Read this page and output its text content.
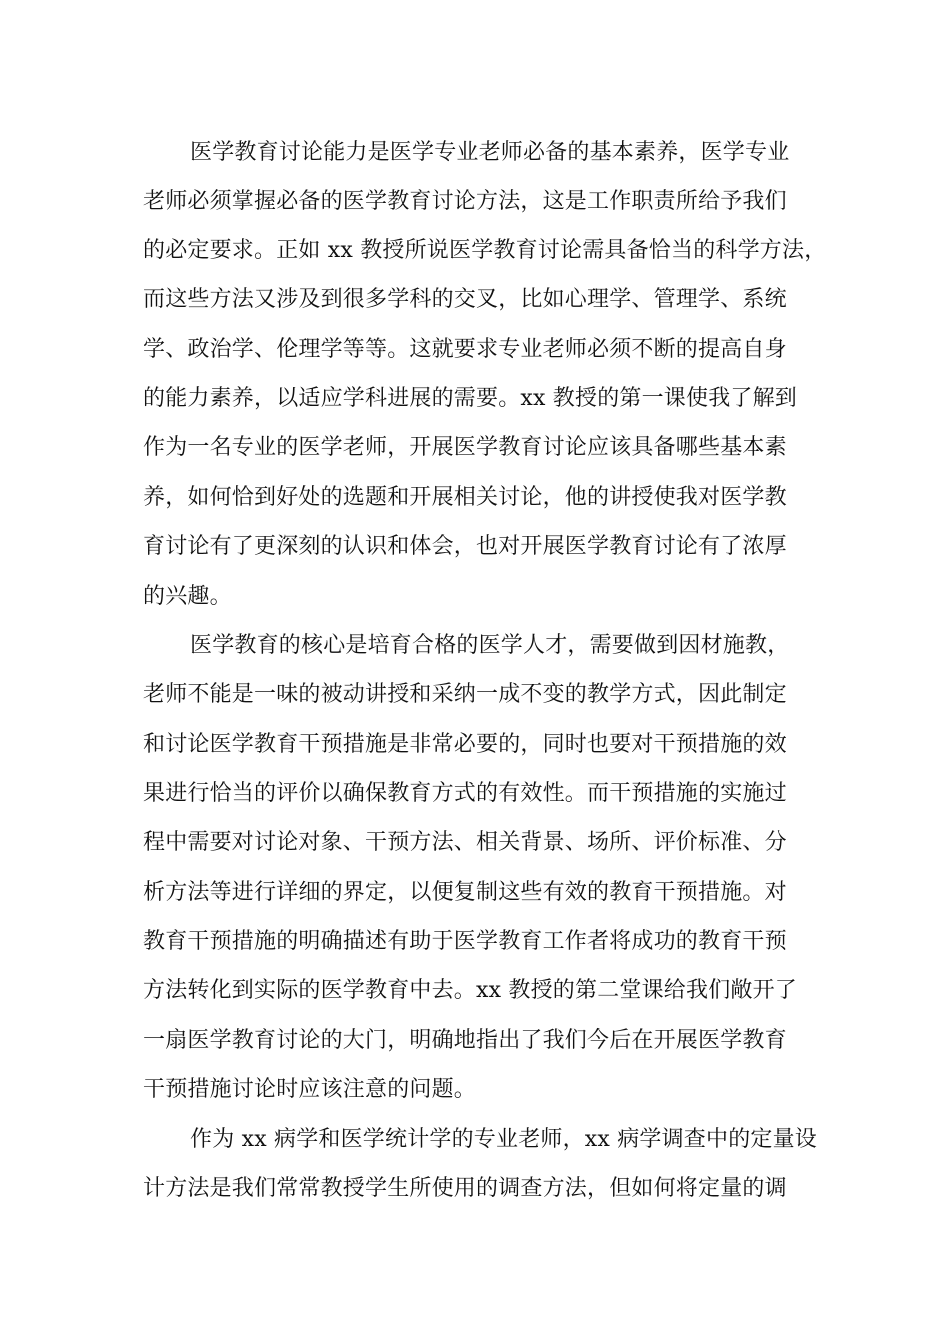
医学教育讨论能力是医学专业老师必备的基本素养，医学专业
老师必须掌握必备的医学教育讨论方法，这是工作职责所给予我们
的必定要求。正如 xx 教授所说医学教育讨论需具备恰当的科学方法，
而这些方法又涉及到很多学科的交叉，比如心理学、管理学、系统
学、政治学、伦理学等等。这就要求专业老师必须不断的提高自身
的能力素养，以适应学科进展的需要。xx 教授的第一课使我了解到
作为一名专业的医学老师，开展医学教育讨论应该具备哪些基本素
养，如何恰到好处的选题和开展相关讨论，他的讲授使我对医学教
育讨论有了更深刻的认识和体会，也对开展医学教育讨论有了浓厚
的兴趣。
医学教育的核心是培育合格的医学人才，需要做到因材施教，
老师不能是一味的被动讲授和采纳一成不变的教学方式，因此制定
和讨论医学教育干预措施是非常必要的，同时也要对干预措施的效
果进行恰当的评价以确保教育方式的有效性。而干预措施的实施过
程中需要对讨论对象、干预方法、相关背景、场所、评价标准、分
析方法等进行详细的界定，以便复制这些有效的教育干预措施。对
教育干预措施的明确描述有助于医学教育工作者将成功的教育干预
方法转化到实际的医学教育中去。xx 教授的第二堂课给我们敞开了
一扇医学教育讨论的大门，明确地指出了我们今后在开展医学教育
干预措施讨论时应该注意的问题。
作为 xx 病学和医学统计学的专业老师，xx 病学调查中的定量设
计方法是我们常常教授学生所使用的调查方法，但如何将定量的调
